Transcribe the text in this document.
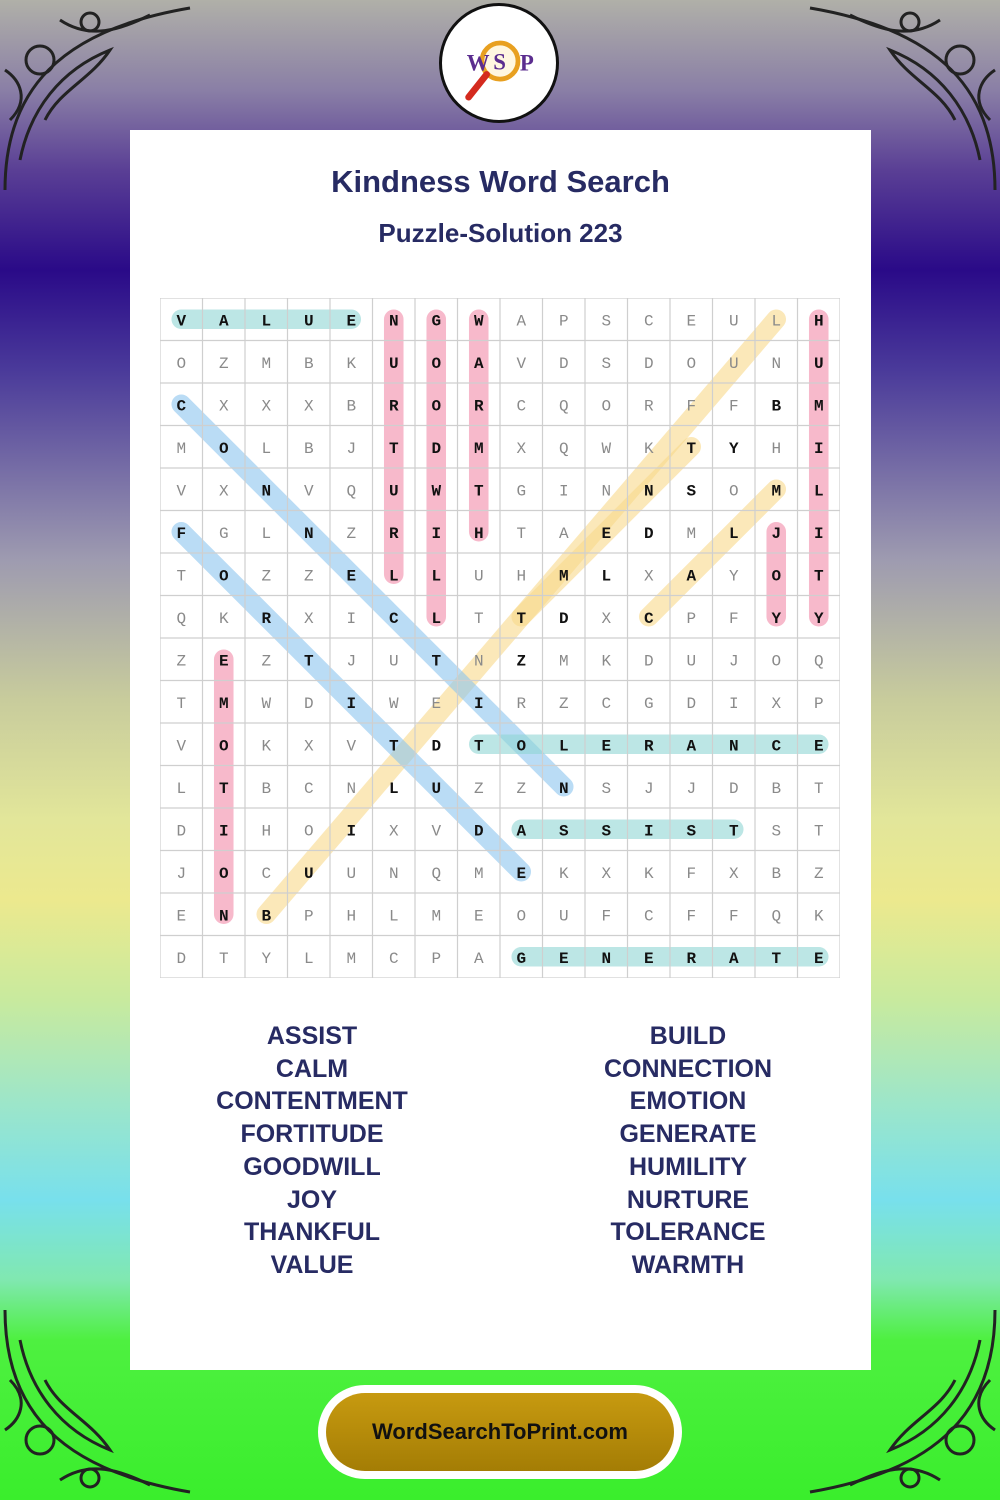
W S P
Kindness Word Search
Puzzle-Solution 223
V A L U E N G W A P S C E U L H
O Z M B K U O A V D S D O U N U
C X X X B R O R C Q O R F F B M
M O L B J T D M X Q W K T Y H I
V X N V Q U W T G I N N S O M L
F G L N Z R I H T A E D M L J I
T O Z Z E L L U H M L X A Y O T
Q K R X I C L T T D X C P F Y Y
Z E Z T J U T N Z M K D U J O Q
T M W D I W E I R Z C G D I X P
V O K X V T D T O L E R A N C E
L T B C N L U Z Z N S J J D B T
D I H O I X V D A S S I S T S T
J O C U U N Q M E K X K F X B Z
E N B P H L M E O U F C F F Q K
D T Y L M C P A G E N E R A T E
ASSIST
CALM
CONTENTMENT
FORTITUDE
GOODWILL
JOY
THANKFUL
VALUE
BUILD
CONNECTION
EMOTION
GENERATE
HUMILITY
NURTURE
TOLERANCE
WARMTH
WordSearchToPrint.com
